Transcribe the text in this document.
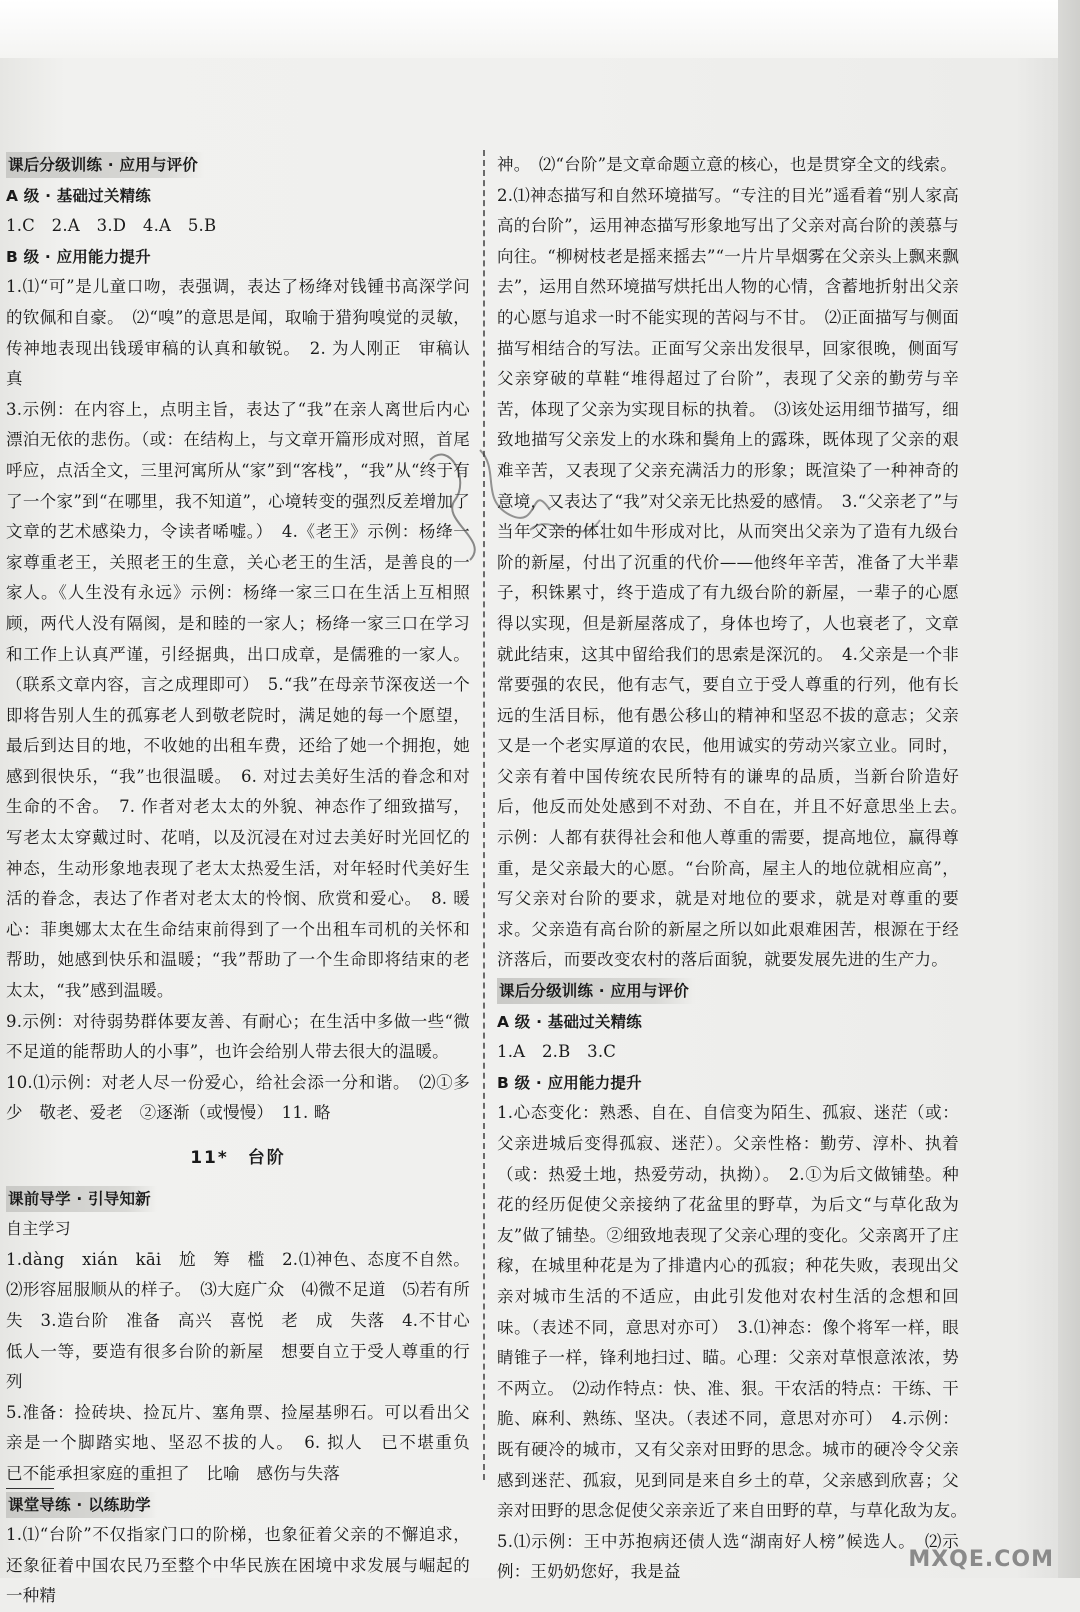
课后分级训练 · 应用与评价

A 级 · 基础过关精练

1.C　2.A　3.D　4.A　5.B

B 级 · 应用能力提升

1.⑴“可”是儿童口吻，表强调，表达了杨绛对钱锺书高深学问的钦佩和自豪。　⑵“嗅”的意思是闻，取喻于猎狗嗅觉的灵敏，传神地表现出钱瑗审稿的认真和敏锐。　2. 为人刚正　审稿认真

3.示例：在内容上，点明主旨，表达了“我”在亲人离世后内心漂泊无依的悲伤。（或：在结构上，与文章开篇形成对照，首尾呼应，点活全文，三里河寓所从“家”到“客栈”，“我”从“终于有了一个家”到“在哪里，我不知道”，心境转变的强烈反差增加了文章的艺术感染力，令读者唏嘘。）　4.《老王》示例：杨绛一家尊重老王，关照老王的生意，关心老王的生活，是善良的一家人。《人生没有永远》示例：杨绛一家三口在生活上互相照顾，两代人没有隔阂，是和睦的一家人；杨绛一家三口在学习和工作上认真严谨，引经据典，出口成章，是儒雅的一家人。（联系文章内容，言之成理即可）　5.“我”在母亲节深夜送一个即将告别人生的孤寡老人到敬老院时，满足她的每一个愿望，最后到达目的地，不收她的出租车费，还给了她一个拥抱，她感到很快乐，“我”也很温暖。　6. 对过去美好生活的眷念和对生命的不舍。　7. 作者对老太太的外貌、神态作了细致描写，写老太太穿戴过时、花哨，以及沉浸在对过去美好时光回忆的神态，生动形象地表现了老太太热爱生活，对年轻时代美好生活的眷念，表达了作者对老太太的怜悯、欣赏和爱心。　8. 暖心：菲奥娜太太在生命结束前得到了一个出租车司机的关怀和帮助，她感到快乐和温暖；“我”帮助了一个生命即将结束的老太太，“我”感到温暖。

9.示例：对待弱势群体要友善、有耐心；在生活中多做一些“微不足道的能帮助人的小事”，也许会给别人带去很大的温暖。

10.⑴示例：对老人尽一份爱心，给社会添一分和谐。　⑵①多少　敬老、爱老　②逐渐（或慢慢）　11. 略

11*　台阶
课前导学 · 引导知新

自主学习

1.dàng　xián　kāi　尬　筹　槛　2.⑴神色、态度不自然。⑵形容屈服顺从的样子。　⑶大庭广众　⑷微不足道　⑸若有所失　3.造台阶　准备　高兴　喜悦　老　成　失落　4.不甘心低人一等，要造有很多台阶的新屋　想要自立于受人尊重的行列

5.准备：捡砖块、捡瓦片、塞角票、捡屋基卵石。可以看出父亲是一个脚踏实地、坚忍不拔的人。　6. 拟人　已不堪重负　已不能承担家庭的重担了　比喻　感伤与失落

课堂导练 · 以练助学

1.⑴“台阶”不仅指家门口的阶梯，也象征着父亲的不懈追求，还象征着中国农民乃至整个中华民族在困境中求发展与崛起的一种精

神。　⑵“台阶”是文章命题立意的核心，也是贯穿全文的线索。

2.⑴神态描写和自然环境描写。“专注的目光”遥看着“别人家高高的台阶”，运用神态描写形象地写出了父亲对高台阶的羡慕与向往。“柳树枝老是摇来摇去”“一片片旱烟雾在父亲头上飘来飘去”，运用自然环境描写烘托出人物的心情，含蓄地折射出父亲的心愿与追求一时不能实现的苦闷与不甘。　⑵正面描写与侧面描写相结合的写法。正面写父亲出发很早，回家很晚，侧面写父亲穿破的草鞋“堆得超过了台阶”，表现了父亲的勤劳与辛苦，体现了父亲为实现目标的执着。　⑶该处运用细节描写，细致地描写父亲发上的水珠和鬓角上的露珠，既体现了父亲的艰难辛苦，又表现了父亲充满活力的形象；既渲染了一种神奇的意境，又表达了“我”对父亲无比热爱的感情。　3.“父亲老了”与当年父亲的体壮如牛形成对比，从而突出父亲为了造有九级台阶的新屋，付出了沉重的代价——他终年辛苦，准备了大半辈子，积铢累寸，终于造成了有九级台阶的新屋，一辈子的心愿得以实现，但是新屋落成了，身体也垮了，人也衰老了，文章就此结束，这其中留给我们的思索是深沉的。　4.父亲是一个非常要强的农民，他有志气，要自立于受人尊重的行列，他有长远的生活目标，他有愚公移山的精神和坚忍不拔的意志；父亲又是一个老实厚道的农民，他用诚实的劳动兴家立业。同时，父亲有着中国传统农民所特有的谦卑的品质，当新台阶造好后，他反而处处感到不对劲、不自在，并且不好意思坐上去。　示例：人都有获得社会和他人尊重的需要，提高地位，赢得尊重，是父亲最大的心愿。“台阶高，屋主人的地位就相应高”，写父亲对台阶的要求，就是对地位的要求，就是对尊重的要求。父亲造有高台阶的新屋之所以如此艰难困苦，根源在于经济落后，而要改变农村的落后面貌，就要发展先进的生产力。

课后分级训练 · 应用与评价

A 级 · 基础过关精练

1.A　2.B　3.C

B 级 · 应用能力提升

1.心态变化：熟悉、自在、自信变为陌生、孤寂、迷茫（或：父亲进城后变得孤寂、迷茫）。父亲性格：勤劳、淳朴、执着（或：热爱土地，热爱劳动，执拗）。　2.①为后文做铺垫。种花的经历促使父亲接纳了花盆里的野草，为后文“与草化敌为友”做了铺垫。②细致地表现了父亲心理的变化。父亲离开了庄稼，在城里种花是为了排遣内心的孤寂；种花失败，表现出父亲对城市生活的不适应，由此引发他对农村生活的念想和回味。（表述不同，意思对亦可）　3.⑴神态：像个将军一样，眼睛锥子一样，锋利地扫过、瞄。心理：父亲对草恨意浓浓，势不两立。　⑵动作特点：快、准、狠。干农活的特点：干练、干脆、麻利、熟练、坚决。（表述不同，意思对亦可）　4.示例：既有硬冷的城市，又有父亲对田野的思念。城市的硬冷令父亲感到迷茫、孤寂，见到同是来自乡土的草，父亲感到欣喜；父亲对田野的思念促使父亲亲近了来自田野的草，与草化敌为友。　5.⑴示例：王中苏抱病还债人选“湖南好人榜”候选人。　⑵示例：王奶奶您好，我是益	MXQE.COM
